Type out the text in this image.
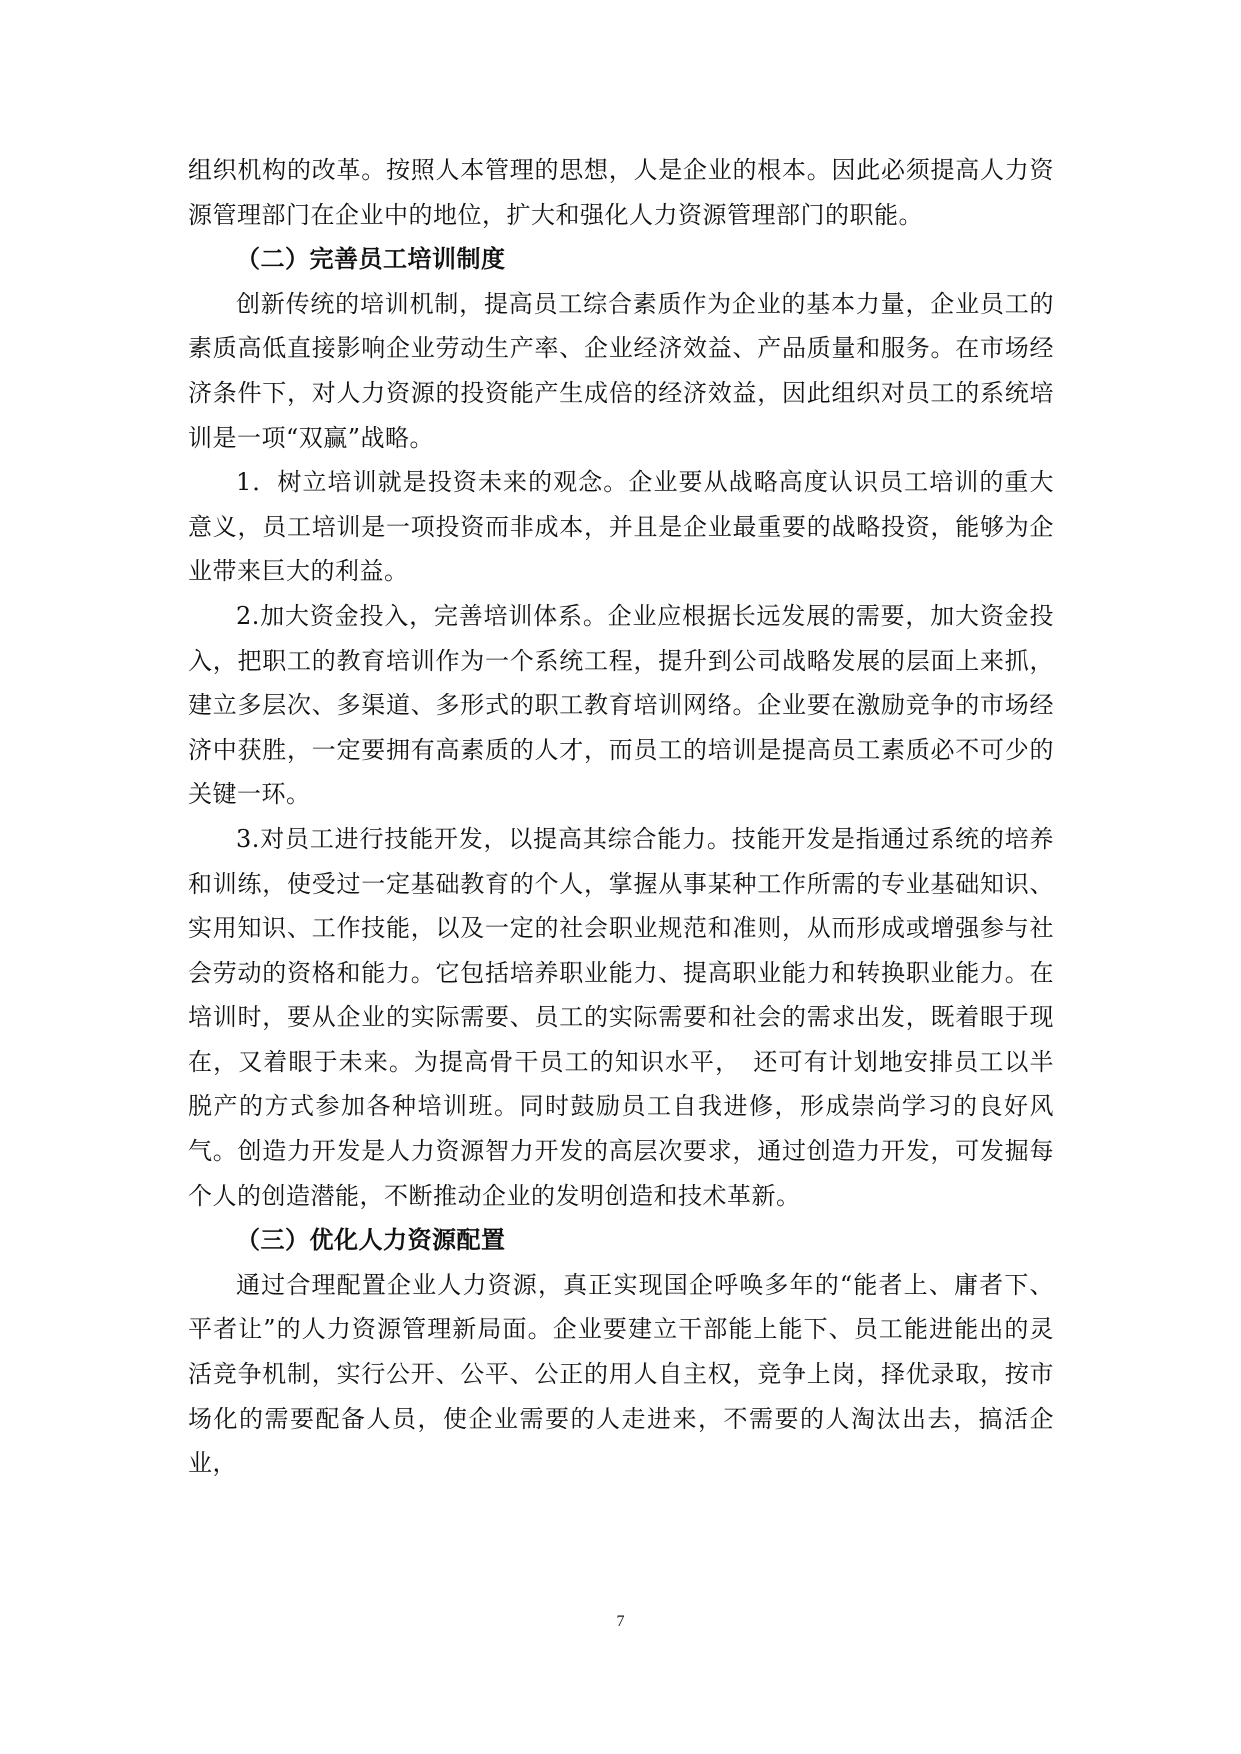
组织机构的改革。按照人本管理的思想，人是企业的根本。因此必须提高人力资源管理部门在企业中的地位，扩大和强化人力资源管理部门的职能。

（二）完善员工培训制度

创新传统的培训机制，提高员工综合素质作为企业的基本力量，企业员工的素质高低直接影响企业劳动生产率、企业经济效益、产品质量和服务。在市场经济条件下，对人力资源的投资能产生成倍的经济效益，因此组织对员工的系统培训是一项“双赢”战略。

1．树立培训就是投资未来的观念。企业要从战略高度认识员工培训的重大意义，员工培训是一项投资而非成本，并且是企业最重要的战略投资，能够为企业带来巨大的利益。

2.加大资金投入，完善培训体系。企业应根据长远发展的需要，加大资金投入，把职工的教育培训作为一个系统工程，提升到公司战略发展的层面上来抓，建立多层次、多渠道、多形式的职工教育培训网络。企业要在激励竞争的市场经济中获胜，一定要拥有高素质的人才，而员工的培训是提高员工素质必不可少的关键一环。

3.对员工进行技能开发，以提高其综合能力。技能开发是指通过系统的培养和训练，使受过一定基础教育的个人，掌握从事某种工作所需的专业基础知识、实用知识、工作技能，以及一定的社会职业规范和准则，从而形成或增强参与社会劳动的资格和能力。它包括培养职业能力、提高职业能力和转换职业能力。在培训时，要从企业的实际需要、员工的实际需要和社会的需求出发，既着眼于现在，又着眼于未来。为提高骨干员工的知识水平，　还可有计划地安排员工以半脱产的方式参加各种培训班。同时鼓励员工自我进修，形成崇尚学习的良好风气。创造力开发是人力资源智力开发的高层次要求，通过创造力开发，可发掘每个人的创造潜能，不断推动企业的发明创造和技术革新。

（三）优化人力资源配置

通过合理配置企业人力资源，真正实现国企呼唤多年的“能者上、庸者下、平者让”的人力资源管理新局面。企业要建立干部能上能下、员工能进能出的灵活竞争机制，实行公开、公平、公正的用人自主权，竞争上岗，择优录取，按市场化的需要配备人员，使企业需要的人走进来，不需要的人淘汰出去，搞活企业，

7
